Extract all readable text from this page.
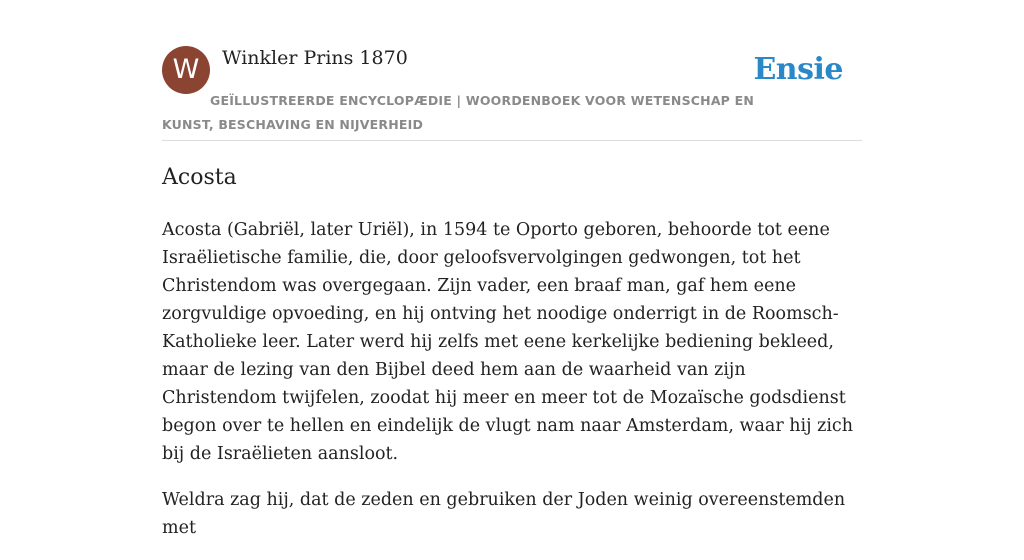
W	Winkler Prins 1870	Ensie
GEÏLLUSTREERDE ENCYCLOPÆDIE | WOORDENBOEK VOOR WETENSCHAP EN KUNST, BESCHAVING EN NIJVERHEID
Acosta

Acosta (Gabriël, later Uriël), in 1594 te Oporto geboren, behoorde tot eene Israëlietische familie, die, door geloofsvervolgingen gedwongen, tot het Christendom was overgegaan. Zijn vader, een braaf man, gaf hem eene zorgvuldige opvoeding, en hij ontving het noodige onderrigt in de Roomsch-Katholieke leer. Later werd hij zelfs met eene kerkelijke bediening bekleed, maar de lezing van den Bijbel deed hem aan de waarheid van zijn Christendom twijfelen, zoodat hij meer en meer tot de Mozaïsche godsdienst begon over te hellen en eindelijk de vlugt nam naar Amsterdam, waar hij zich bij de Israëlieten aansloot.

Weldra zag hij, dat de zeden en gebruiken der Joden weinig overeenstemden met
